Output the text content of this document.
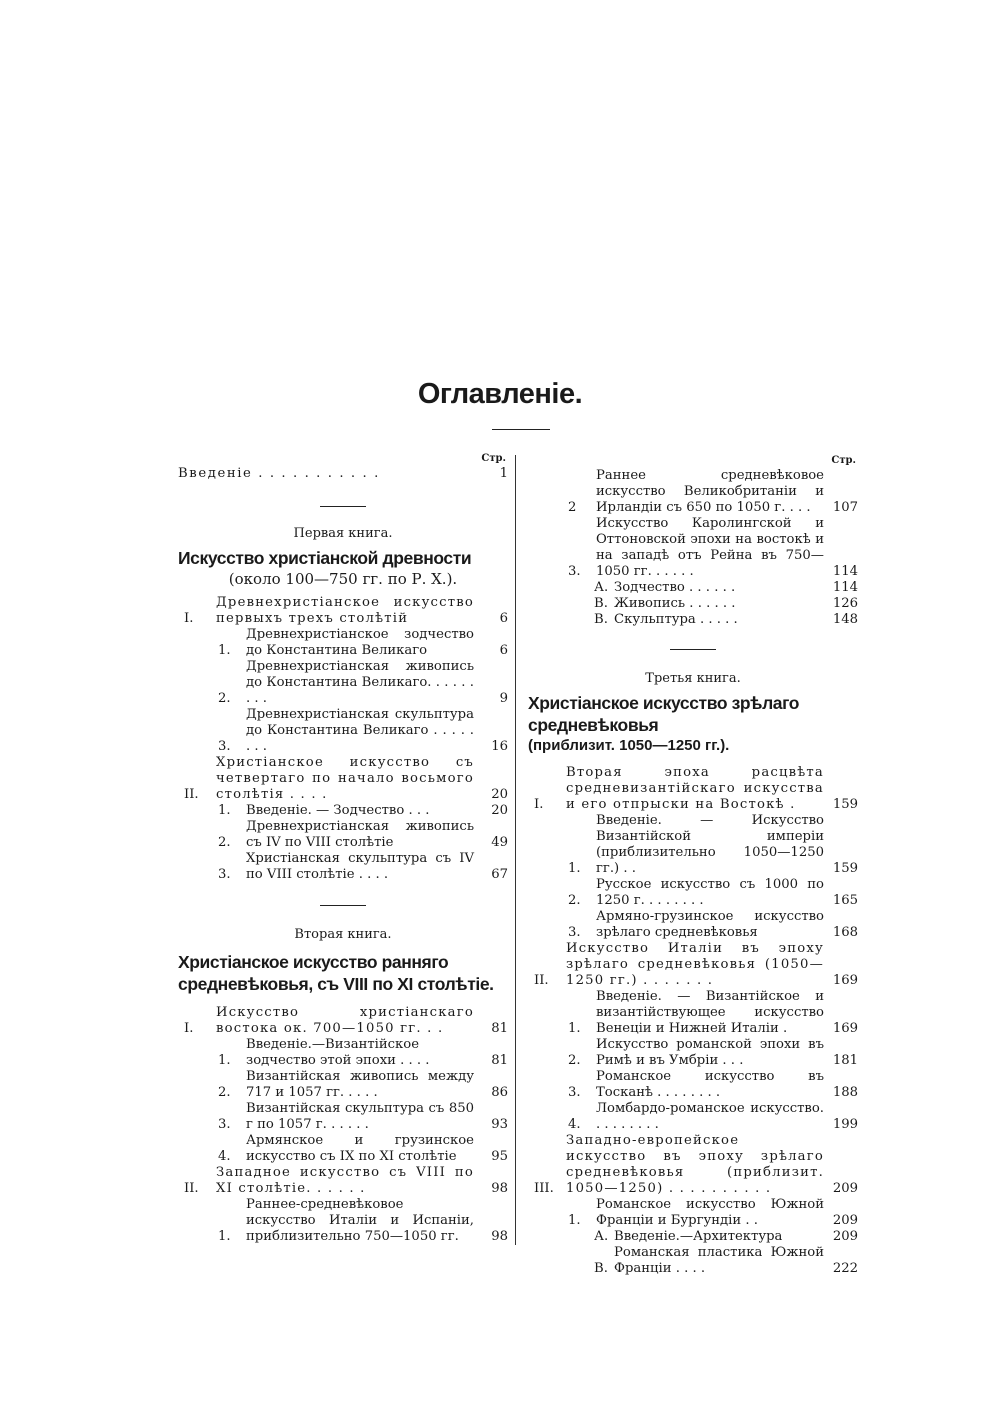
Оглавленіе.
Стр.
Введеніе . . . . . . . . . . .	1
Первая книга.
Искусство христіанской древности
(около 100—750 гг. по Р. Х.).
I.
Древнехристіанское искусство первыхъ трехъ столѣтій	6
1.
Древнехристіанское зодчество до Константина Великаго	6
2.
Древнехристіанская живопись до Константина Великаго. . . . . . . . .	9
3.
Древнехристіанская скульптура до Константина Великаго . . . . . . . .	16
II.
Христіанское искусство съ четвертаго по начало восьмого столѣтія . . . .	20
1.	Введеніе. — Зодчество . . .	20
2.
Древнехристіанская живопись съ IV по VIII столѣтіе	49
3.
Христіанская скульптура съ IV по VIII столѣтіе . . . .	67
Вторая книга.
Христіанское искусство ранняго средневѣковья, съ VIII по XI столѣтіе.
I.
Искусство христіанскаго востока ок. 700—1050 гг. . .	81
1.
Введеніе.—Византійское зодчество этой эпохи . . . .	81
2.
Византійская живопись между 717 и 1057 гг. . . . .	86
3.
Византійская скульптура съ 850 г по 1057 г. . . . . .	93
4.
Армянское и грузинское искусство съ IX по XI столѣтіе	95
II.
Западное искусство съ VIII по XI столѣтіе. . . . . .	98
1.
Раннее-средневѣковое искусство Италіи и Испаніи, приблизительно 750—1050 гг.	98
Стр.
2
Раннее средневѣковое искусство Великобританіи и Ирландіи съ 650 по 1050 г. . . .	107
3.
Искусство Каролингской и Оттоновской эпохи на востокѣ и на западѣ отъ Рейна въ 750—1050 гг. . . . . .	114
А. Зодчество . . . . . .	114
В. Живопись . . . . . .	126
В. Скульптура . . . . .	148
Третья книга.
Христіанское искусство зрѣлаго средневѣковья
(приблизит. 1050—1250 гг.).
I.
Вторая эпоха расцвѣта средневизантійскаго искусства и его отпрыски на Востокѣ .	159
1.
Введеніе. — Искусство Византійской имперіи (приблизительно 1050—1250 гг.) . .	159
2.
Русское искусство съ 1000 по 1250 г. . . . . . . .	165
3.
Армяно-грузинское искусство зрѣлаго средневѣковья	168
II.
Искусство Италіи въ эпоху зрѣлаго средневѣковья (1050—1250 гг.) . . . . . . .	169
1.
Введеніе. — Византійское и византійствующее искусство Венеціи и Нижней Италіи .	169
2.
Искусство романской эпохи въ Римѣ и въ Умбріи . . .	181
3.
Романское искусство въ Тосканѣ . . . . . . . .	188
4.
Ломбардо-романское искусство. . . . . . . . .	199
III.
Западно-европейское искусство въ эпоху зрѣлаго средневѣковья (приблизит. 1050—1250) . . . . . . . . . .	209
1.
Романское искусство Южной Франціи и Бургундіи . .	209
А. Введеніе.—Архитектура	209
В.
Романская пластика Южной Франціи . . . .	222
